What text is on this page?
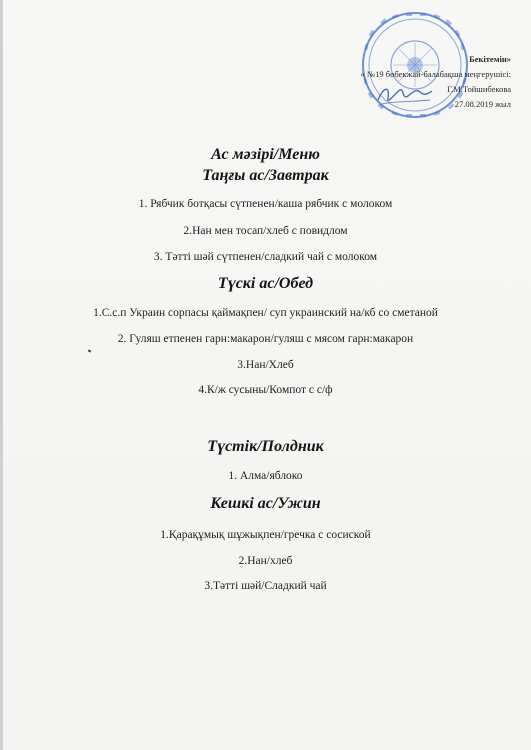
Бекітемін»
« №19 бөбекжай-балабақша меңгерушісі:
Г.М.Тойшибекова
27.08.2019 жыл
Ас мәзірі/Меню
Таңғы ас/Завтрак
1. Рябчик ботқасы сүтпенен/каша рябчик с молоком
2.Нан мен тосап/хлеб с повидлом
3. Тәтті шәй сүтпенен/сладкий чай с молоком
Түскі ас/Обед
1.С.с.п Украин сорпасы қаймақпен/ суп украинский на/кб со сметаной
2. Гуляш етпенен гарн:макарон/гуляш с мясом гарн:макарон
3.Нан/Хлеб
4.К/ж сусыны/Компот с с/ф
Түстік/Полдник
1. Алма/яблоко
Кешкі ас/Ужин
1.Қарақұмық шұжықпен/гречка с сосиской
2.Нан/хлеб
3.Тәтті шәй/Сладкий чай
